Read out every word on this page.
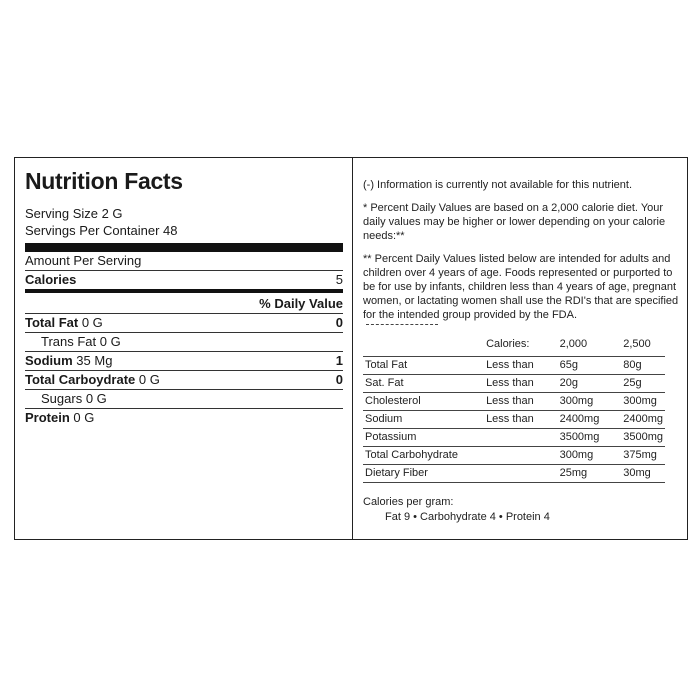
Nutrition Facts
Serving Size 2 G
Servings Per Container 48
Amount Per Serving
Calories	5
% Daily Value
Total Fat 0 G	0
Trans Fat 0 G
Sodium 35 Mg	1
Total Carboydrate 0 G	0
Sugars 0 G
Protein 0 G

(-) Information is currently not available for this nutrient.

* Percent Daily Values are based on a 2,000 calorie diet. Your daily values may be higher or lower depending on your calorie needs:**

** Percent Daily Values listed below are intended for adults and children over 4 years of age. Foods represented or purported to be for use by infants, children less than 4 years of age, pregnant women, or lactating women shall use the RDI's that are specified for the intended group provided by the FDA.

	Calories:	2,000	2,500
Total Fat	Less than	65g	80g
Sat. Fat	Less than	20g	25g
Cholesterol	Less than	300mg	300mg
Sodium	Less than	2400mg	2400mg
Potassium		3500mg	3500mg
Total Carbohydrate		300mg	375mg
Dietary Fiber		25mg	30mg
Calories per gram:
Fat 9 • Carbohydrate 4 • Protein 4
